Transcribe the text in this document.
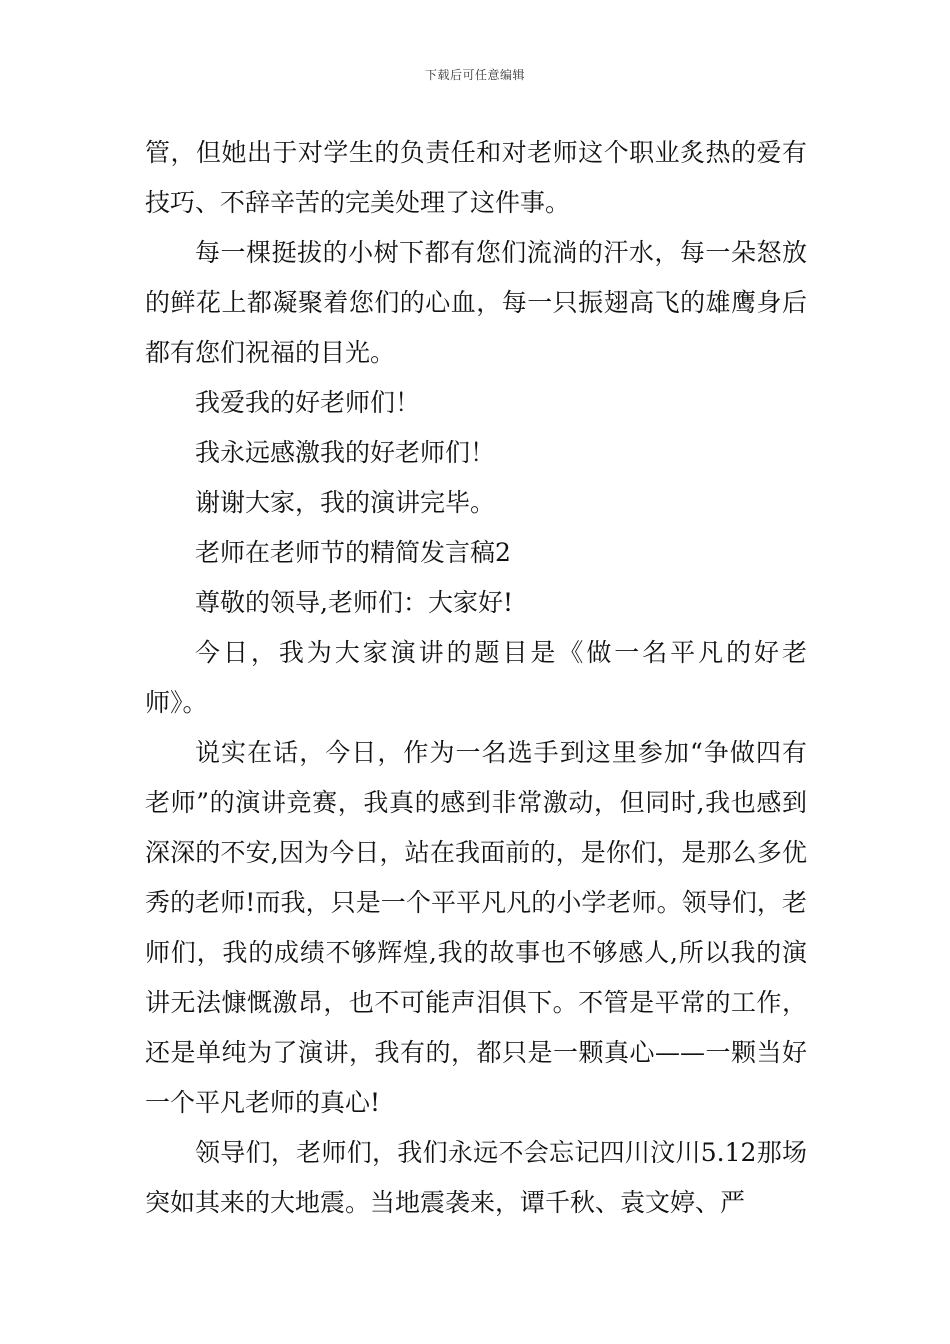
下载后可任意编辑

管，但她出于对学生的负责任和对老师这个职业炙热的爱有技巧、不辞辛苦的完美处理了这件事。

每一棵挺拔的小树下都有您们流淌的汗水，每一朵怒放的鲜花上都凝聚着您们的心血，每一只振翅高飞的雄鹰身后都有您们祝福的目光。

我爱我的好老师们！

我永远感激我的好老师们！

谢谢大家，我的演讲完毕。

老师在老师节的精简发言稿2

尊敬的领导,老师们：大家好!

今日，我为大家演讲的题目是《做一名平凡的好老师》。

说实在话，今日，作为一名选手到这里参加“争做四有老师”的演讲竞赛，我真的感到非常激动，但同时,我也感到深深的不安,因为今日，站在我面前的，是你们，是那么多优秀的老师!而我，只是一个平平凡凡的小学老师。领导们，老师们，我的成绩不够辉煌,我的故事也不够感人,所以我的演讲无法慷慨激昂，也不可能声泪俱下。不管是平常的工作，还是单纯为了演讲，我有的，都只是一颗真心——一颗当好一个平凡老师的真心!

领导们，老师们，我们永远不会忘记四川汶川5.12那场突如其来的大地震。当地震袭来，谭千秋、袁文婷、严
